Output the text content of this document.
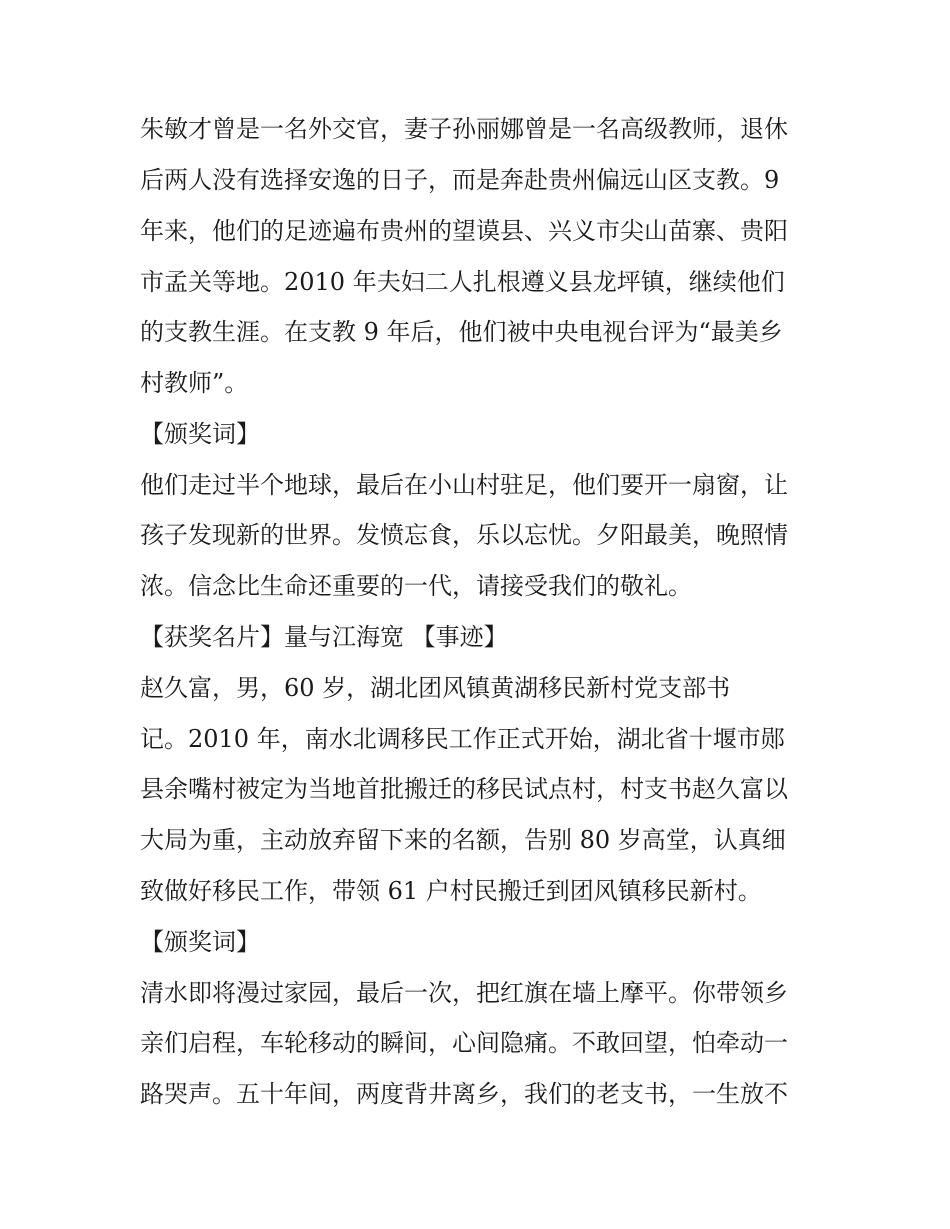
朱敏才曾是一名外交官，妻子孙丽娜曾是一名高级教师，退休
后两人没有选择安逸的日子，而是奔赴贵州偏远山区支教。9
年来，他们的足迹遍布贵州的望谟县、兴义市尖山苗寨、贵阳
市孟关等地。2010 年夫妇二人扎根遵义县龙坪镇，继续他们
的支教生涯。在支教 9 年后，他们被中央电视台评为“最美乡
村教师”。
【颁奖词】
他们走过半个地球，最后在小山村驻足，他们要开一扇窗，让
孩子发现新的世界。发愤忘食，乐以忘忧。夕阳最美，晚照情
浓。信念比生命还重要的一代，请接受我们的敬礼。
【获奖名片】量与江海宽 【事迹】
赵久富，男，60 岁，湖北团风镇黄湖移民新村党支部书
记。2010 年，南水北调移民工作正式开始，湖北省十堰市郧
县余嘴村被定为当地首批搬迁的移民试点村，村支书赵久富以
大局为重，主动放弃留下来的名额，告别 80 岁高堂，认真细
致做好移民工作，带领 61 户村民搬迁到团风镇移民新村。
【颁奖词】
清水即将漫过家园，最后一次，把红旗在墙上摩平。你带领乡
亲们启程，车轮移动的瞬间，心间隐痛。不敢回望，怕牵动一
路哭声。五十年间，两度背井离乡，我们的老支书，一生放不
